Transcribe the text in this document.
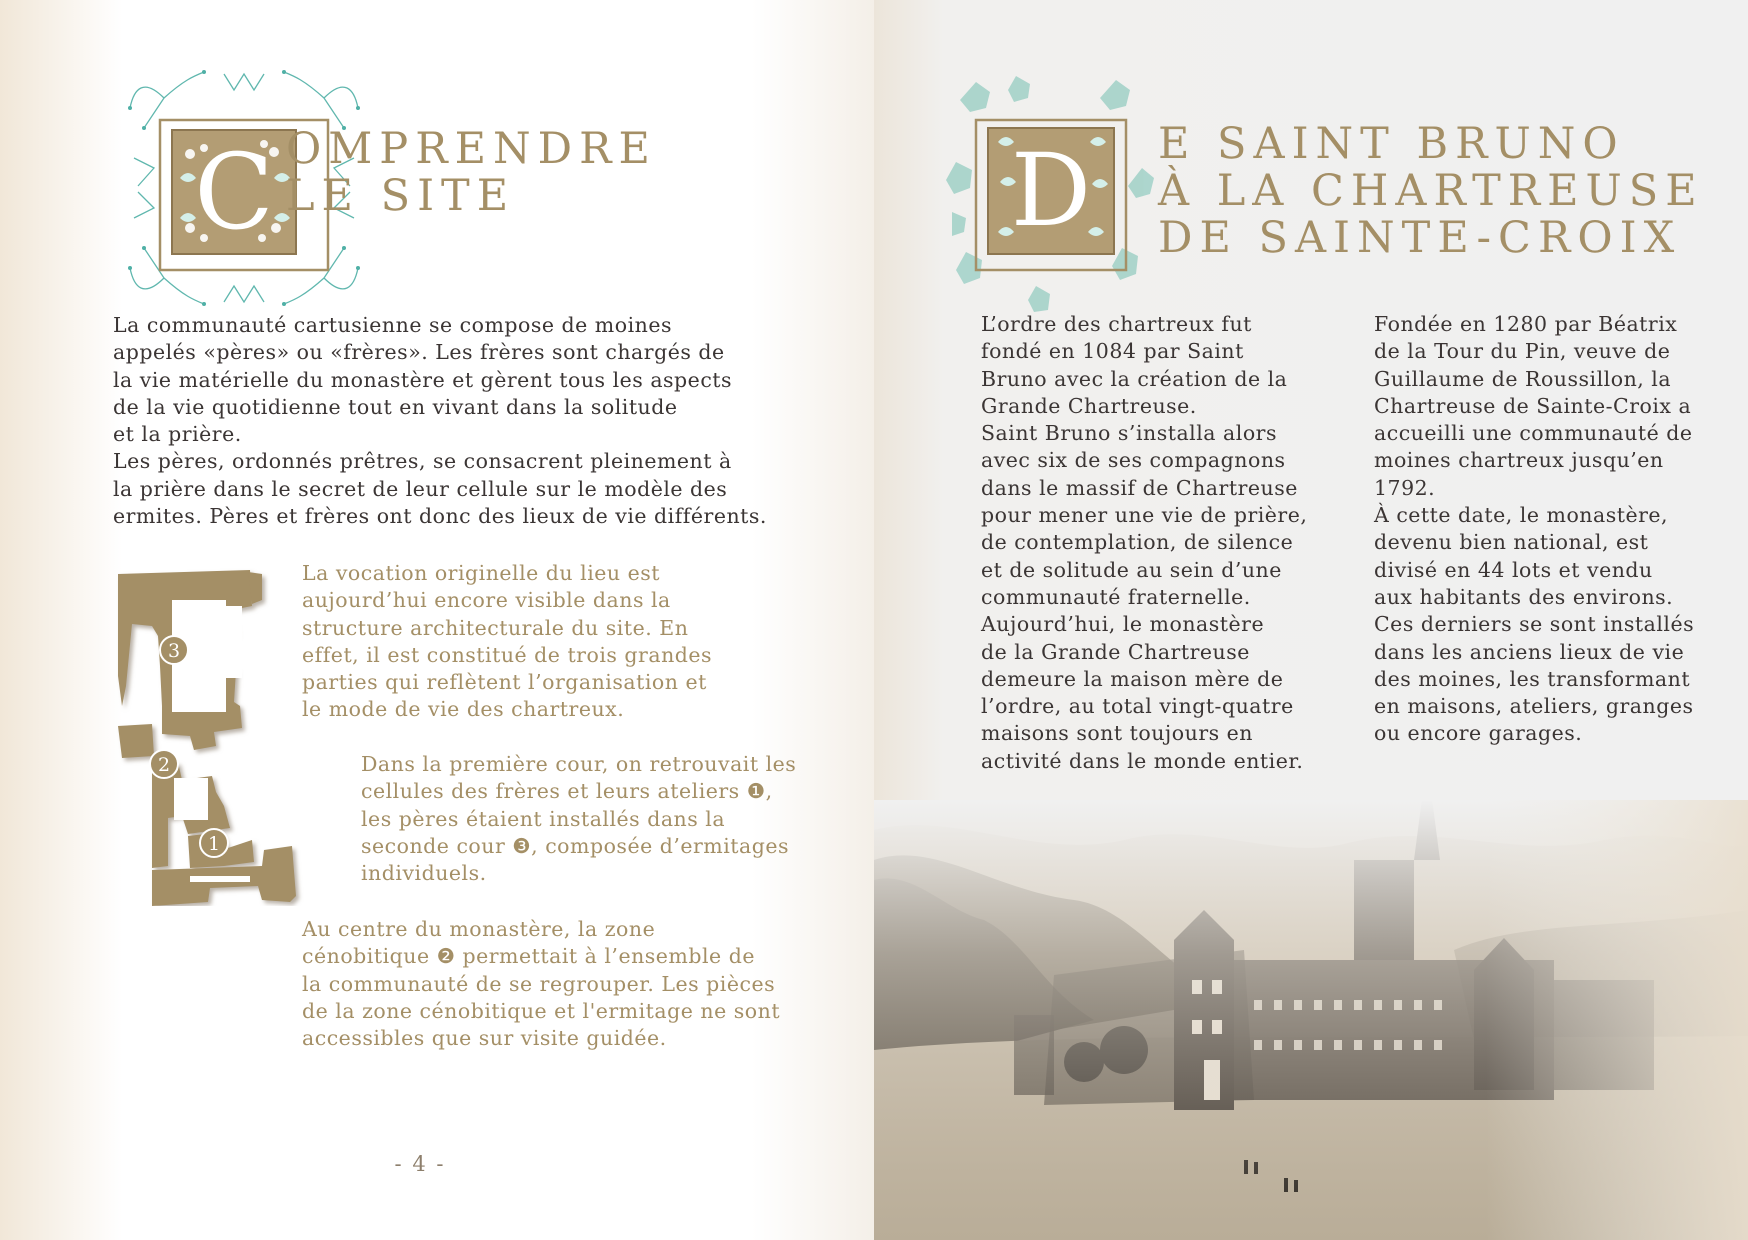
C OMPRENDRE
LE SITE

La communauté cartusienne se compose de moines
appelés «pères» ou «frères». Les frères sont chargés de
la vie matérielle du monastère et gèrent tous les aspects
de la vie quotidienne tout en vivant dans la solitude
et la prière.
Les pères, ordonnés prêtres, se consacrent pleinement à
la prière dans le secret de leur cellule sur le modèle des
ermites. Pères et frères ont donc des lieux de vie différents.

3
2
1

La vocation originelle du lieu est
aujourd’hui encore visible dans la
structure architecturale du site. En
effet, il est constitué de trois grandes
parties qui reflètent l’organisation et
le mode de vie des chartreux.

Dans la première cour, on retrouvait les
cellules des frères et leurs ateliers ❶,
les pères étaient installés dans la
seconde cour ❸, composée d’ermitages
individuels.

Au centre du monastère, la zone
cénobitique ❷ permettait à l’ensemble de
la communauté de se regrouper. Les pièces
de la zone cénobitique et l'ermitage ne sont
accessibles que sur visite guidée.

- 4 -
D	E SAINT BRUNO
À LA CHARTREUSE
DE SAINTE-CROIX

L’ordre des chartreux fut
fondé en 1084 par Saint
Bruno avec la création de la
Grande Chartreuse.
Saint Bruno s’installa alors
avec six de ses compagnons
dans le massif de Chartreuse
pour mener une vie de prière,
de contemplation, de silence
et de solitude au sein d’une
communauté fraternelle.
Aujourd’hui, le monastère
de la Grande Chartreuse
demeure la maison mère de
l’ordre, au total vingt-quatre
maisons sont toujours en
activité dans le monde entier.

Fondée en 1280 par Béatrix
de la Tour du Pin, veuve de
Guillaume de Roussillon, la
Chartreuse de Sainte-Croix a
accueilli une communauté de
moines chartreux jusqu’en
1792.
À cette date, le monastère,
devenu bien national, est
divisé en 44 lots et vendu
aux habitants des environs.
Ces derniers se sont installés
dans les anciens lieux de vie
des moines, les transformant
en maisons, ateliers, granges
ou encore garages.
